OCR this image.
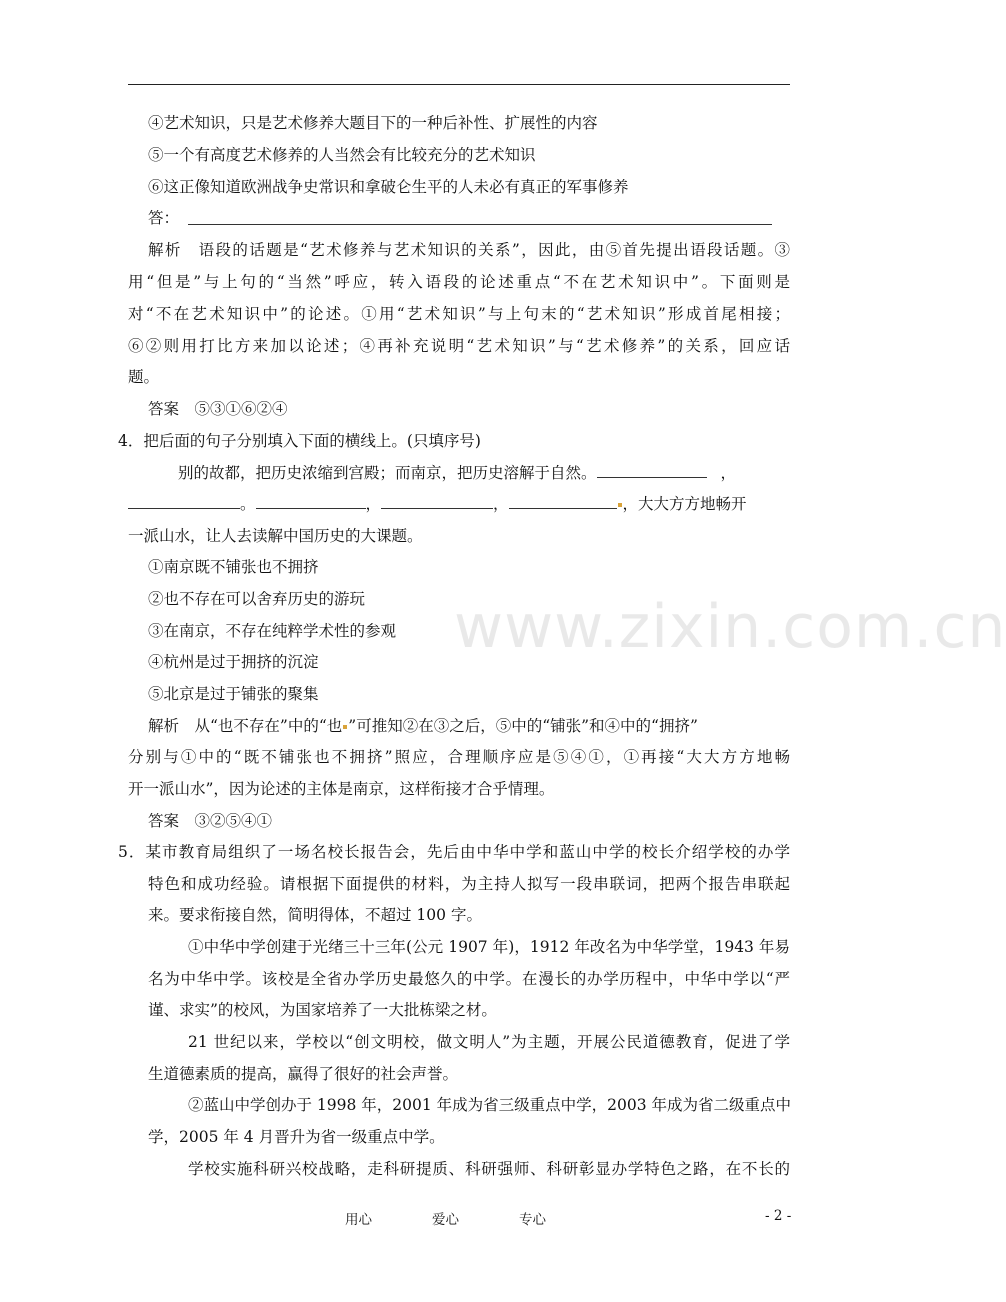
www.zixin.com.cn
④艺术知识，只是艺术修养大题目下的一种后补性、扩展性的内容
⑤一个有高度艺术修养的人当然会有比较充分的艺术知识
⑥这正像知道欧洲战争史常识和拿破仑生平的人未必有真正的军事修养
答：
解析　语段的话题是“艺术修养与艺术知识的关系”，因此，由⑤首先提出语段话题。③
用“但是”与上句的“当然”呼应，转入语段的论述重点“不在艺术知识中”。下面则是
对“不在艺术知识中”的论述。①用“艺术知识”与上句末的“艺术知识”形成首尾相接；
⑥②则用打比方来加以论述；④再补充说明“艺术知识”与“艺术修养”的关系，回应话
题。
答案　⑤③①⑥②④
4．把后面的句子分别填入下面的横线上。(只填序号)
别的故都，把历史浓缩到宫殿；而南京，把历史溶解于自然。	，
。	，	，	，大大方方地畅开
一派山水，让人去读解中国历史的大课题。
①南京既不铺张也不拥挤
②也不存在可以舍弃历史的游玩
③在南京，不存在纯粹学术性的参观
④杭州是过于拥挤的沉淀
⑤北京是过于铺张的聚集
解析　从“也不存在”中的“也 ”可推知②在③之后，⑤中的“铺张”和④中的“拥挤”
分别与①中的“既不铺张也不拥挤”照应，合理顺序应是⑤④①，①再接“大大方方地畅
开一派山水”，因为论述的主体是南京，这样衔接才合乎情理。
答案　③②⑤④①
5．某市教育局组织了一场名校长报告会，先后由中华中学和蓝山中学的校长介绍学校的办学
特色和成功经验。请根据下面提供的材料，为主持人拟写一段串联词，把两个报告串联起
来。要求衔接自然，简明得体，不超过 100 字。
①中华中学创建于光绪三十三年(公元 1907 年)，1912 年改名为中华学堂，1943 年易
名为中华中学。该校是全省办学历史最悠久的中学。在漫长的办学历程中，中华中学以“严
谨、求实”的校风，为国家培养了一大批栋梁之材。
21 世纪以来，学校以“创文明校，做文明人”为主题，开展公民道德教育，促进了学
生道德素质的提高，赢得了很好的社会声誉。
②蓝山中学创办于 1998 年，2001 年成为省三级重点中学，2003 年成为省二级重点中
学，2005 年 4 月晋升为省一级重点中学。
学校实施科研兴校战略，走科研提质、科研强师、科研彰显办学特色之路，在不长的
用心	爱心	专心	- 2 -
